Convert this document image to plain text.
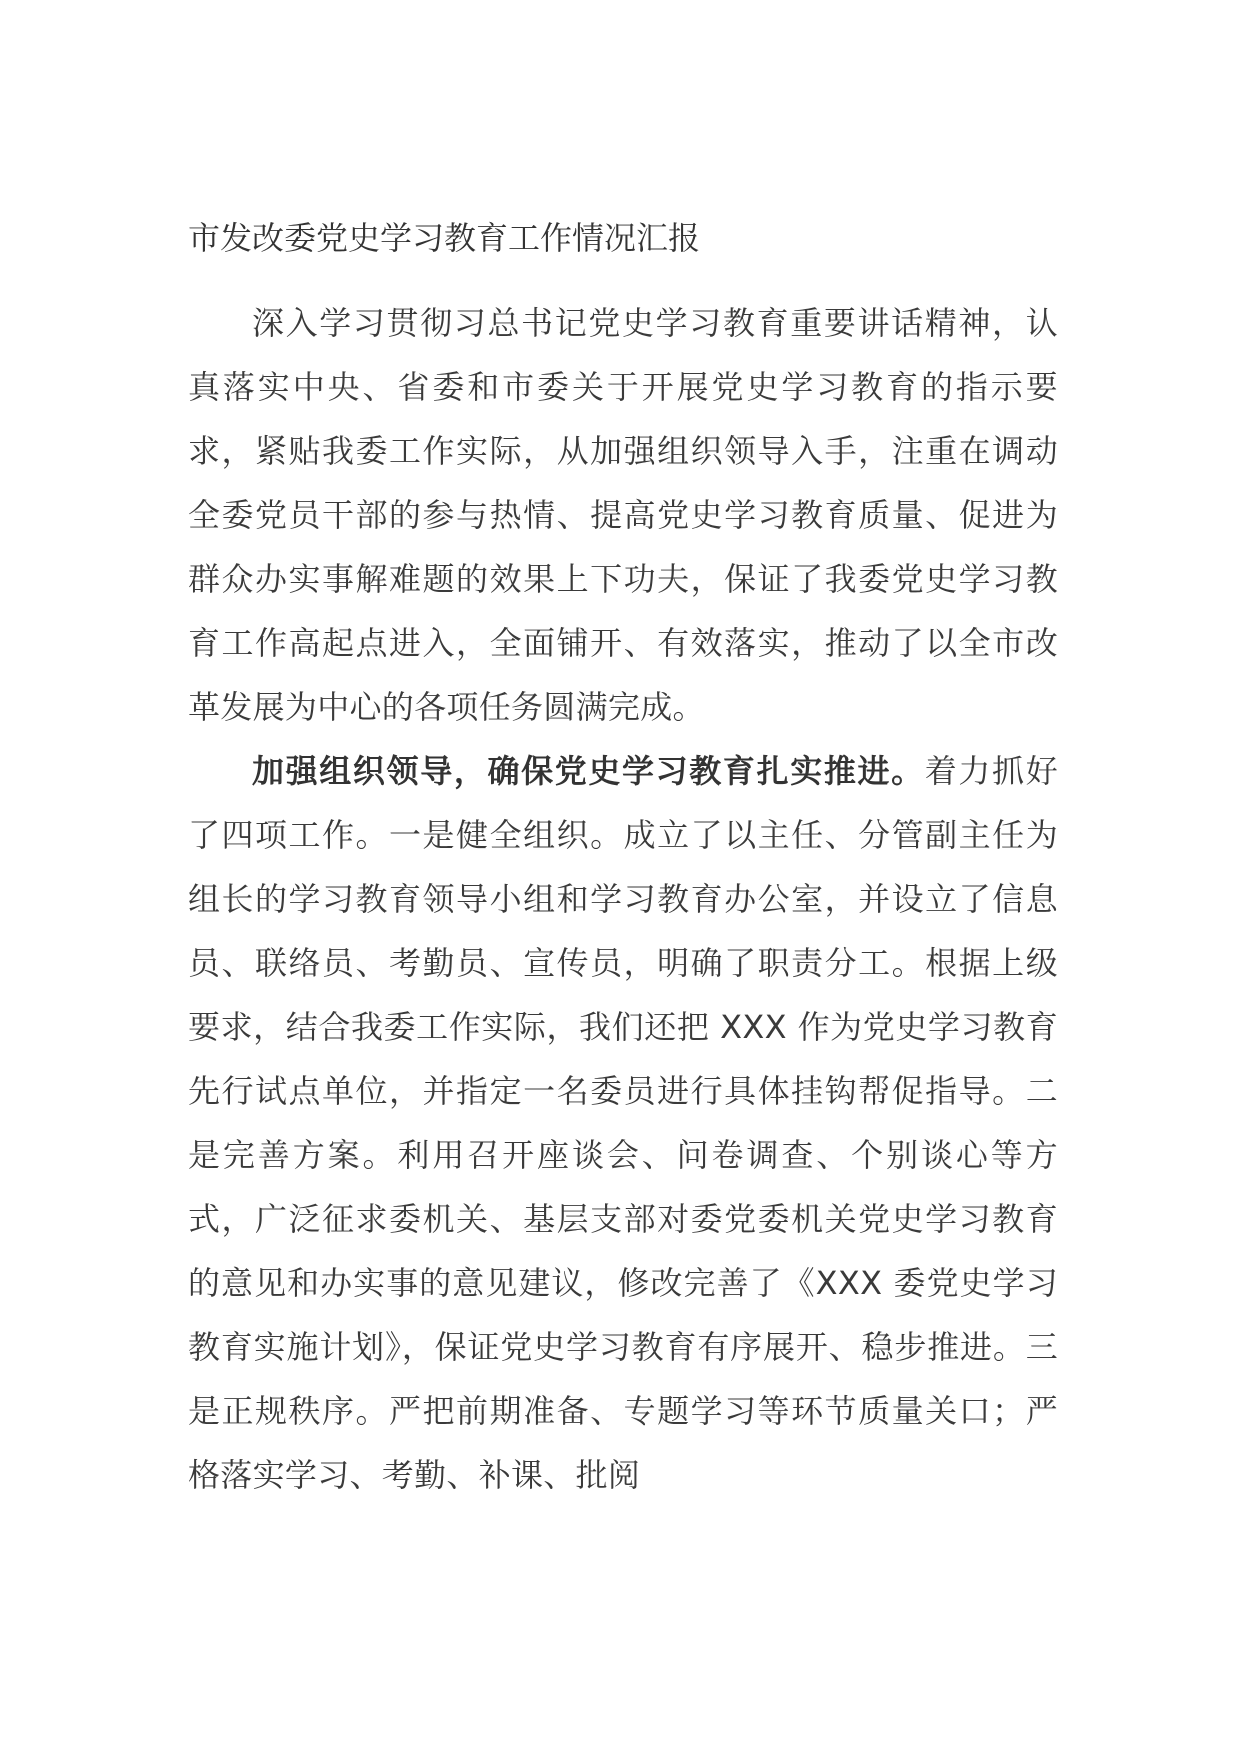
市发改委党史学习教育工作情况汇报

深入学习贯彻习总书记党史学习教育重要讲话精神，认真落实中央、省委和市委关于开展党史学习教育的指示要求，紧贴我委工作实际，从加强组织领导入手，注重在调动全委党员干部的参与热情、提高党史学习教育质量、促进为群众办实事解难题的效果上下功夫，保证了我委党史学习教育工作高起点进入，全面铺开、有效落实，推动了以全市改革发展为中心的各项任务圆满完成。

加强组织领导，确保党史学习教育扎实推进。着力抓好了四项工作。一是健全组织。成立了以主任、分管副主任为组长的学习教育领导小组和学习教育办公室，并设立了信息员、联络员、考勤员、宣传员，明确了职责分工。根据上级要求，结合我委工作实际，我们还把 XXX 作为党史学习教育先行试点单位，并指定一名委员进行具体挂钩帮促指导。二是完善方案。利用召开座谈会、问卷调查、个别谈心等方式，广泛征求委机关、基层支部对委党委机关党史学习教育的意见和办实事的意见建议，修改完善了《XXX 委党史学习教育实施计划》，保证党史学习教育有序展开、稳步推进。三是正规秩序。严把前期准备、专题学习等环节质量关口；严格落实学习、考勤、补课、批阅
